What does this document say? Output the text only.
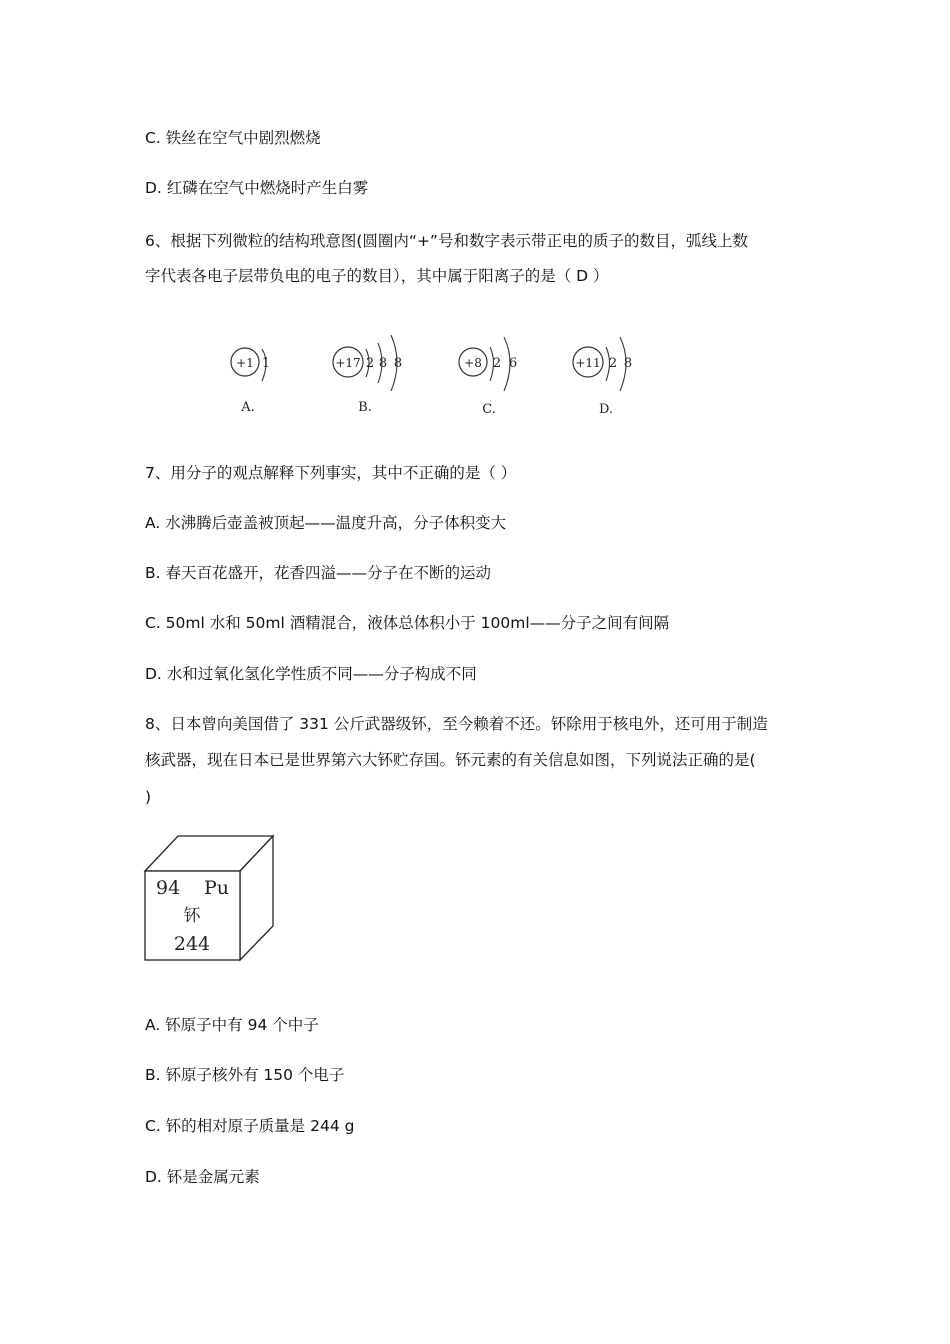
C. 铁丝在空气中剧烈燃烧
D. 红磷在空气中燃烧时产生白雾
6、根据下列微粒的结构玳意图(圆圈内“+”号和数字表示带正电的质子的数目，弧线上数
字代表各电子层带负电的电子的数目），其中属于阳离子的是（ D ）
+1 1
A.
+17 2 8 8
B.
+8 2 6
C.
+11 2 8
D.
7、用分子的观点解释下列事实，其中不正确的是（ ）
A. 水沸腾后壶盖被顶起——温度升高，分子体积变大
B. 春天百花盛开，花香四溢——分子在不断的运动
C. 50ml 水和 50ml 酒精混合，液体总体积小于 100ml——分子之间有间隔
D. 水和过氧化氢化学性质不同——分子构成不同
8、日本曾向美国借了 331 公斤武器级钚，至今赖着不还。钚除用于核电外，还可用于制造
核武器，现在日本已是世界第六大钚贮存国。钚元素的有关信息如图，下列说法正确的是(
)
94 Pu
钚
244
A. 钚原子中有 94 个中子
B. 钚原子核外有 150 个电子
C. 钚的相对原子质量是 244 g
D. 钚是金属元素
